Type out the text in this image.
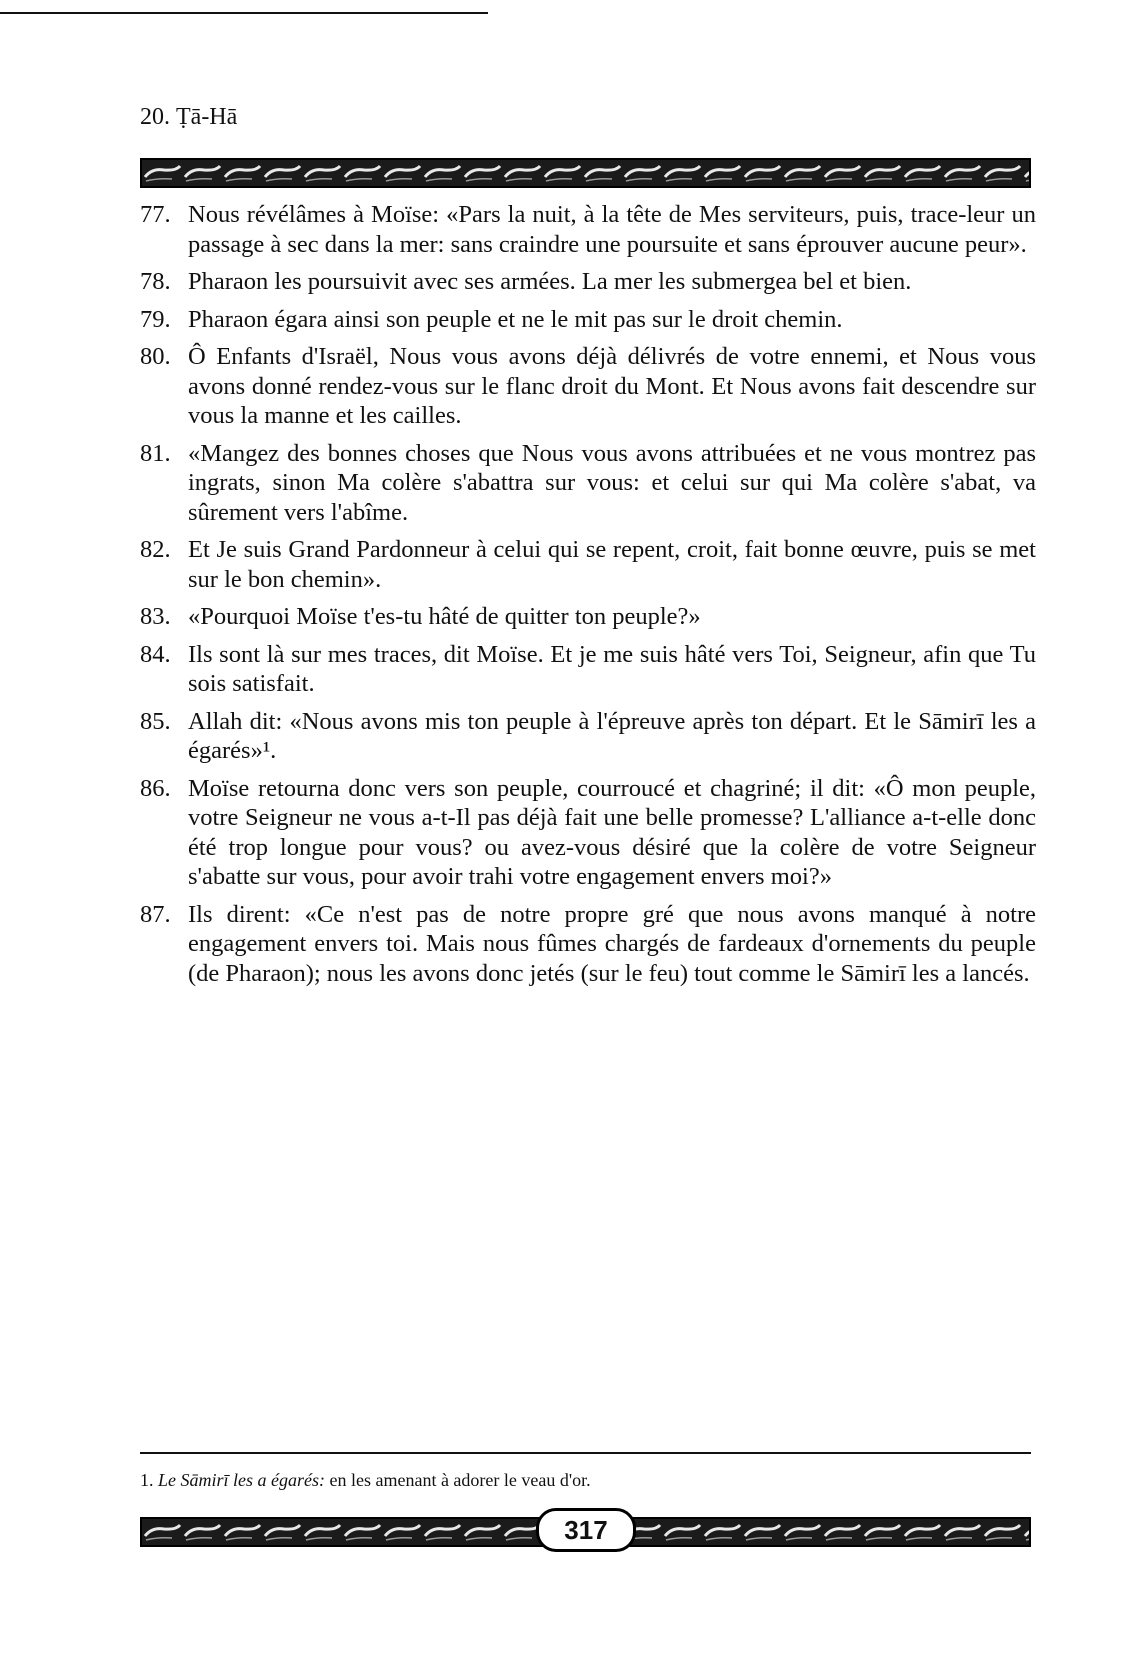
20. Ṭā-Hā
77. Nous révélâmes à Moïse: «Pars la nuit, à la tête de Mes serviteurs, puis, trace-leur un passage à sec dans la mer: sans craindre une poursuite et sans éprouver aucune peur».
78. Pharaon les poursuivit avec ses armées. La mer les submergea bel et bien.
79. Pharaon égara ainsi son peuple et ne le mit pas sur le droit chemin.
80. Ô Enfants d'Israël, Nous vous avons déjà délivrés de votre ennemi, et Nous vous avons donné rendez-vous sur le flanc droit du Mont. Et Nous avons fait descendre sur vous la manne et les cailles.
81. «Mangez des bonnes choses que Nous vous avons attribuées et ne vous montrez pas ingrats, sinon Ma colère s'abattra sur vous: et celui sur qui Ma colère s'abat, va sûrement vers l'abîme.
82. Et Je suis Grand Pardonneur à celui qui se repent, croit, fait bonne œuvre, puis se met sur le bon chemin».
83. «Pourquoi Moïse t'es-tu hâté de quitter ton peuple?»
84. Ils sont là sur mes traces, dit Moïse. Et je me suis hâté vers Toi, Seigneur, afin que Tu sois satisfait.
85. Allah dit: «Nous avons mis ton peuple à l'épreuve après ton départ. Et le Sāmirī les a égarés»¹.
86. Moïse retourna donc vers son peuple, courroucé et chagriné; il dit: «Ô mon peuple, votre Seigneur ne vous a-t-Il pas déjà fait une belle promesse? L'alliance a-t-elle donc été trop longue pour vous? ou avez-vous désiré que la colère de votre Seigneur s'abatte sur vous, pour avoir trahi votre engagement envers moi?»
87. Ils dirent: «Ce n'est pas de notre propre gré que nous avons manqué à notre engagement envers toi. Mais nous fûmes chargés de fardeaux d'ornements du peuple (de Pharaon); nous les avons donc jetés (sur le feu) tout comme le Sāmirī les a lancés.
1. Le Sāmirī les a égarés: en les amenant à adorer le veau d'or.
317
